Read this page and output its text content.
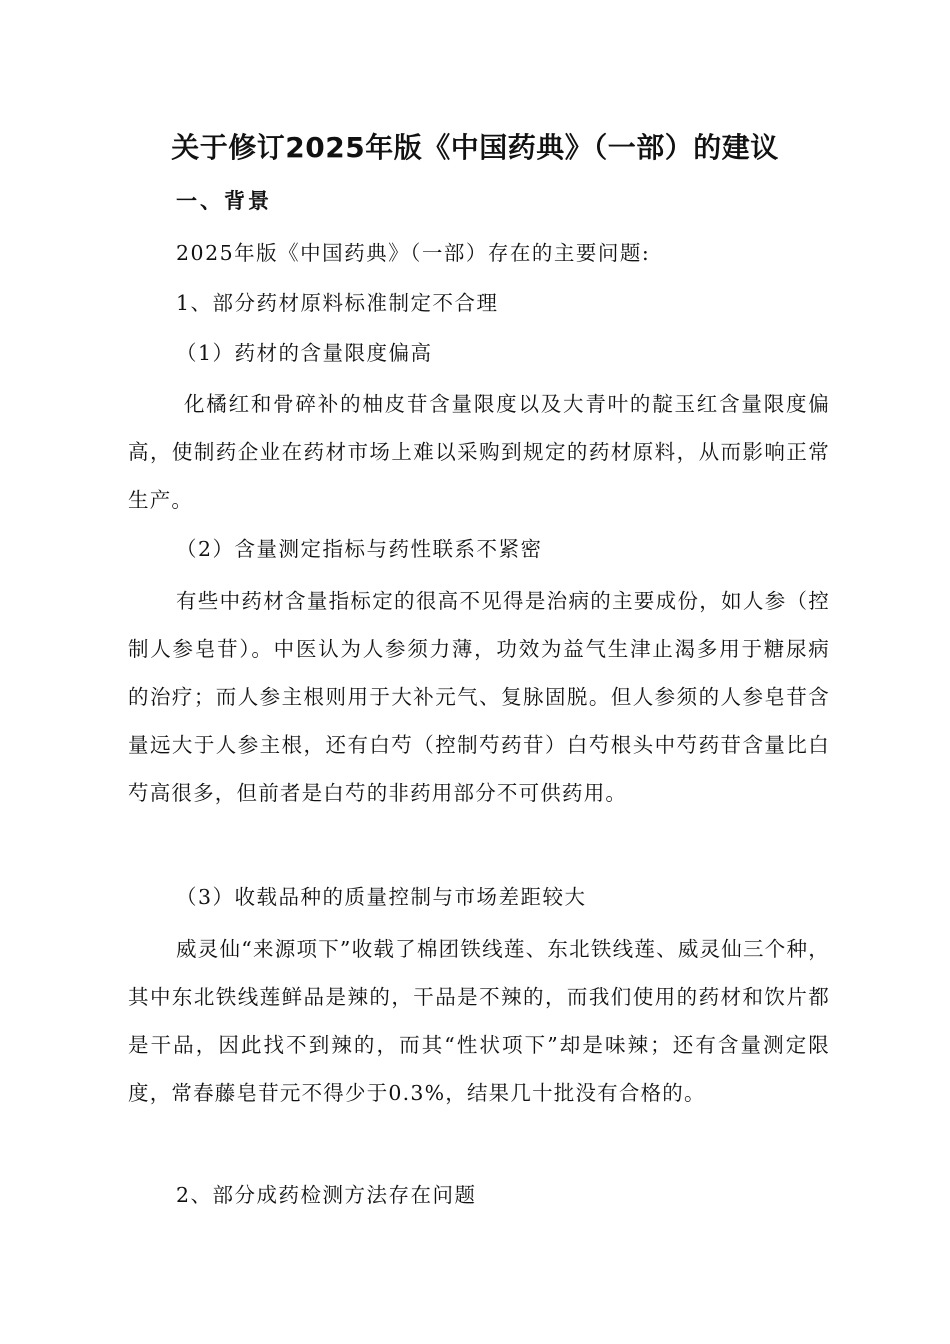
关于修订2025年版《中国药典》（一部）的建议
一、背景
2025年版《中国药典》（一部）存在的主要问题:
1、部分药材原料标准制定不合理
（1）药材的含量限度偏高
化橘红和骨碎补的柚皮苷含量限度以及大青叶的靛玉红含量限度偏高，使制药企业在药材市场上难以采购到规定的药材原料，从而影响正常生产。
（2）含量测定指标与药性联系不紧密
有些中药材含量指标定的很高不见得是治病的主要成份，如人参（控制人参皂苷）。中医认为人参须力薄，功效为益气生津止渴多用于糖尿病的治疗；而人参主根则用于大补元气、复脉固脱。但人参须的人参皂苷含量远大于人参主根，还有白芍（控制芍药苷）白芍根头中芍药苷含量比白芍高很多，但前者是白芍的非药用部分不可供药用。
（3）收载品种的质量控制与市场差距较大
威灵仙“来源项下”收载了棉团铁线莲、东北铁线莲、威灵仙三个种，其中东北铁线莲鲜品是辣的，干品是不辣的，而我们使用的药材和饮片都是干品，因此找不到辣的，而其“性状项下”却是味辣；还有含量测定限度，常春藤皂苷元不得少于0.3%，结果几十批没有合格的。
2、部分成药检测方法存在问题
